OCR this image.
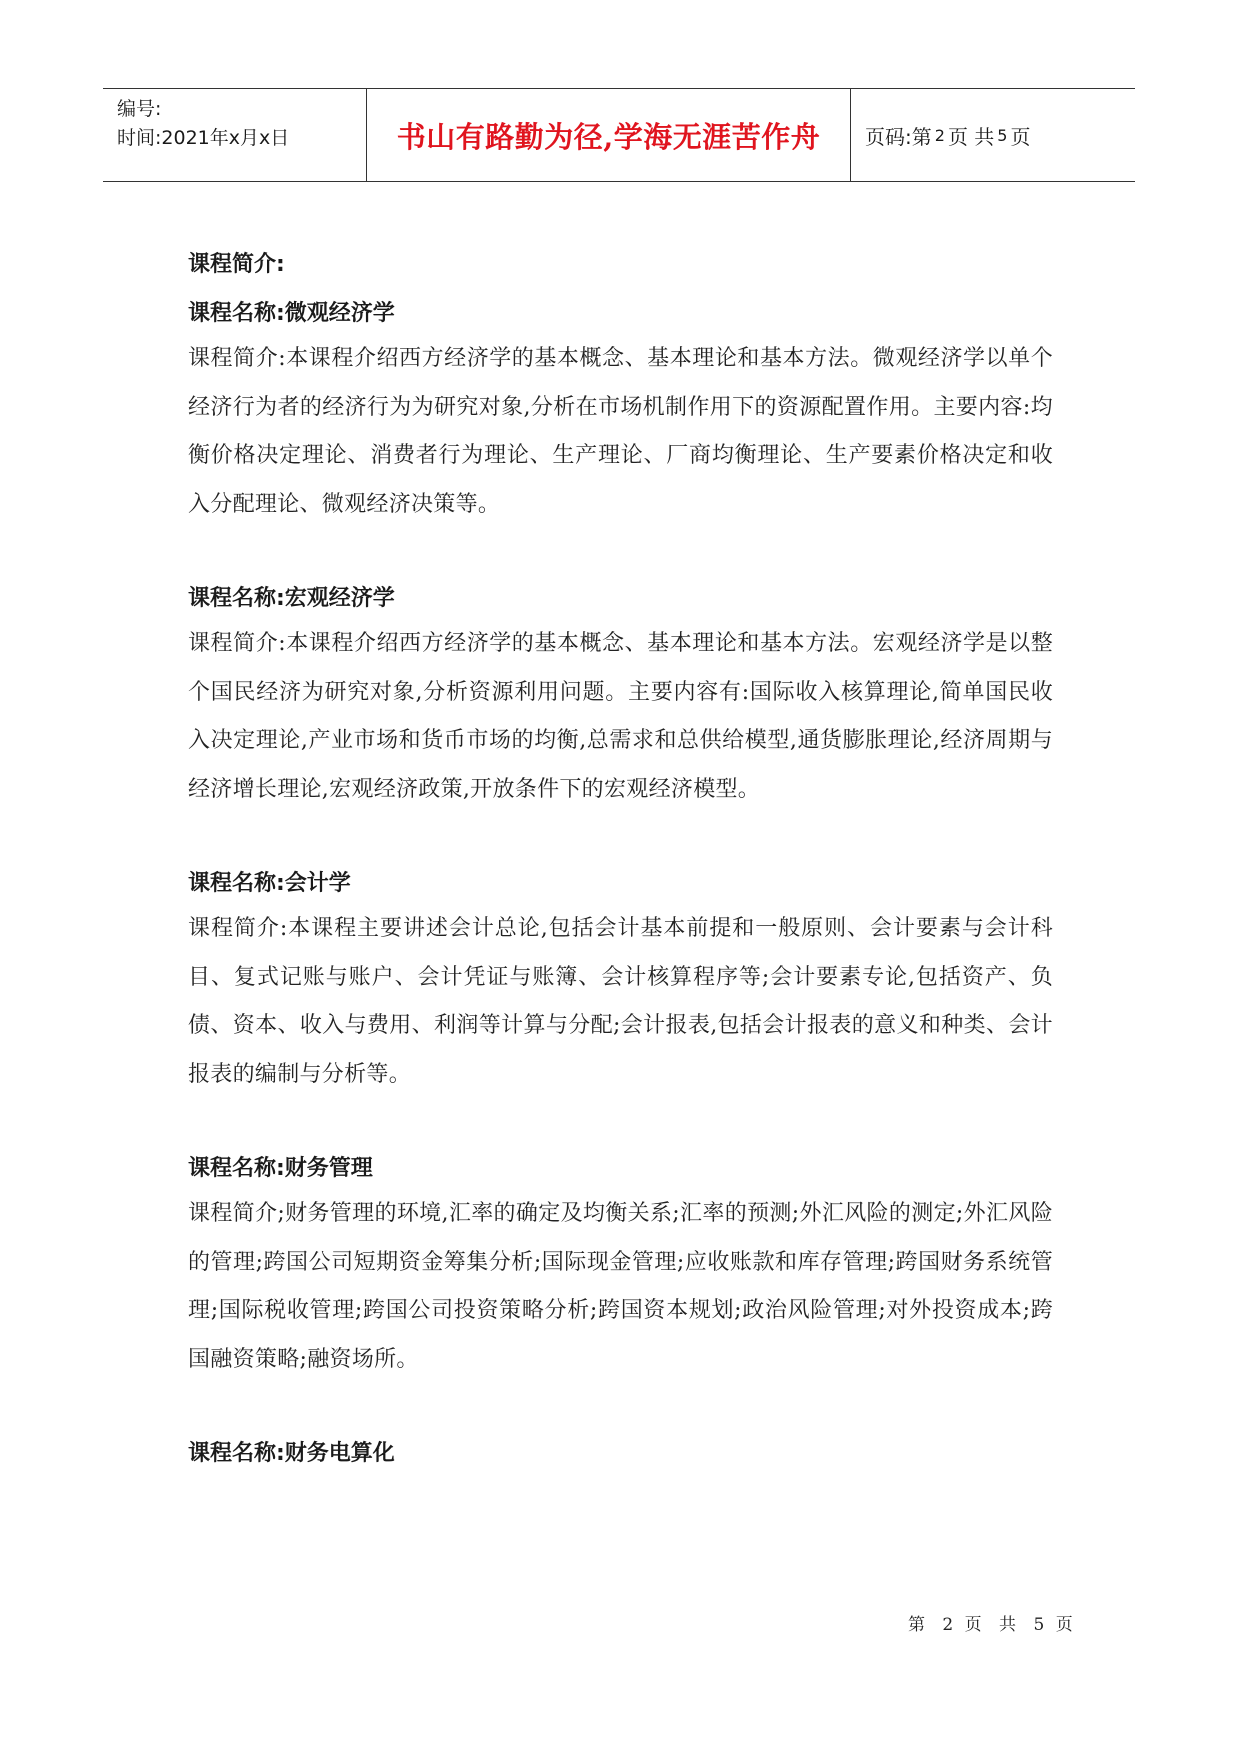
编号:
时间:2021年x月x日	书山有路勤为径,学海无涯苦作舟	页码:第 2 页 共 5 页

课程简介:

课程名称:微观经济学

课程简介:本课程介绍西方经济学的基本概念、基本理论和基本方法。微观经济学以单个经济行为者的经济行为为研究对象,分析在市场机制作用下的资源配置作用。主要内容:均衡价格决定理论、消费者行为理论、生产理论、厂商均衡理论、生产要素价格决定和收入分配理论、微观经济决策等。

课程名称:宏观经济学

课程简介:本课程介绍西方经济学的基本概念、基本理论和基本方法。宏观经济学是以整个国民经济为研究对象,分析资源利用问题。主要内容有:国际收入核算理论,简单国民收入决定理论,产业市场和货币市场的均衡,总需求和总供给模型,通货膨胀理论,经济周期与经济增长理论,宏观经济政策,开放条件下的宏观经济模型。

课程名称:会计学

课程简介:本课程主要讲述会计总论,包括会计基本前提和一般原则、会计要素与会计科目、复式记账与账户、会计凭证与账簿、会计核算程序等;会计要素专论,包括资产、负债、资本、收入与费用、利润等计算与分配;会计报表,包括会计报表的意义和种类、会计报表的编制与分析等。

课程名称:财务管理

课程简介;财务管理的环境,汇率的确定及均衡关系;汇率的预测;外汇风险的测定;外汇风险的管理;跨国公司短期资金筹集分析;国际现金管理;应收账款和库存管理;跨国财务系统管理;国际税收管理;跨国公司投资策略分析;跨国资本规划;政治风险管理;对外投资成本;跨国融资策略;融资场所。

课程名称:财务电算化

第 2 页 共 5 页
